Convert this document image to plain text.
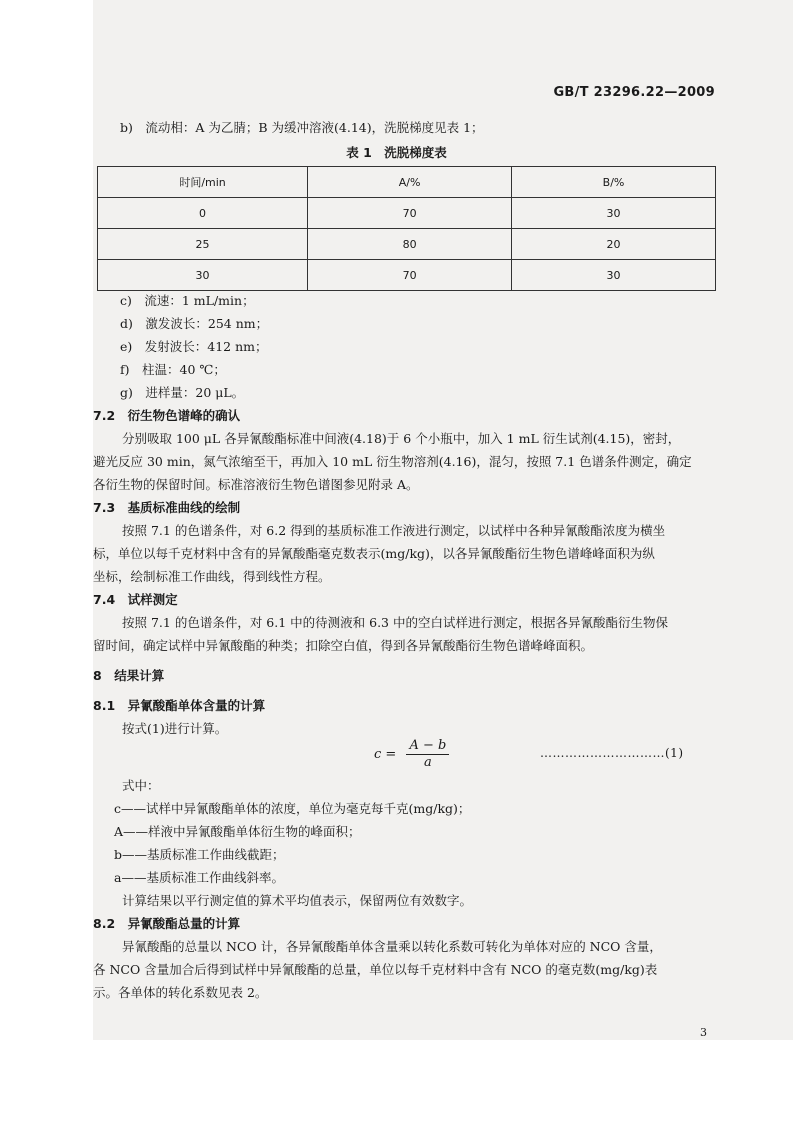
GB/T 23296.22—2009
b)　流动相：A 为乙腈；B 为缓冲溶液(4.14)，洗脱梯度见表 1；
表 1　洗脱梯度表
时间/min	A/%	B/%
0	70	30
25	80	20
30	70	30
c)　流速：1 mL/min；
d)　激发波长：254 nm；
e)　发射波长：412 nm；
f)　柱温：40 ℃；
g)　进样量：20 μL。
7.2　衍生物色谱峰的确认
分别吸取 100 μL 各异氰酸酯标准中间液(4.18)于 6 个小瓶中，加入 1 mL 衍生试剂(4.15)，密封，
避光反应 30 min，氮气浓缩至干，再加入 10 mL 衍生物溶剂(4.16)，混匀，按照 7.1 色谱条件测定，确定
各衍生物的保留时间。标准溶液衍生物色谱图参见附录 A。
7.3　基质标准曲线的绘制
按照 7.1 的色谱条件，对 6.2 得到的基质标准工作液进行测定，以试样中各种异氰酸酯浓度为横坐
标，单位以每千克材料中含有的异氰酸酯毫克数表示(mg/kg)，以各异氰酸酯衍生物色谱峰峰面积为纵
坐标，绘制标准工作曲线，得到线性方程。
7.4　试样测定
按照 7.1 的色谱条件，对 6.1 中的待测液和 6.3 中的空白试样进行测定，根据各异氰酸酯衍生物保
留时间，确定试样中异氰酸酯的种类；扣除空白值，得到各异氰酸酯衍生物色谱峰峰面积。
8　结果计算
8.1　异氰酸酯单体含量的计算
按式(1)进行计算。
$c = \frac{A - b}{a}$	…………………………(1)
式中：
c——试样中异氰酸酯单体的浓度，单位为毫克每千克(mg/kg)；
A——样液中异氰酸酯单体衍生物的峰面积；
b——基质标准工作曲线截距；
a——基质标准工作曲线斜率。
计算结果以平行测定值的算术平均值表示，保留两位有效数字。
8.2　异氰酸酯总量的计算
异氰酸酯的总量以 NCO 计，各异氰酸酯单体含量乘以转化系数可转化为单体对应的 NCO 含量，
各 NCO 含量加合后得到试样中异氰酸酯的总量，单位以每千克材料中含有 NCO 的毫克数(mg/kg)表
示。各单体的转化系数见表 2。
3
